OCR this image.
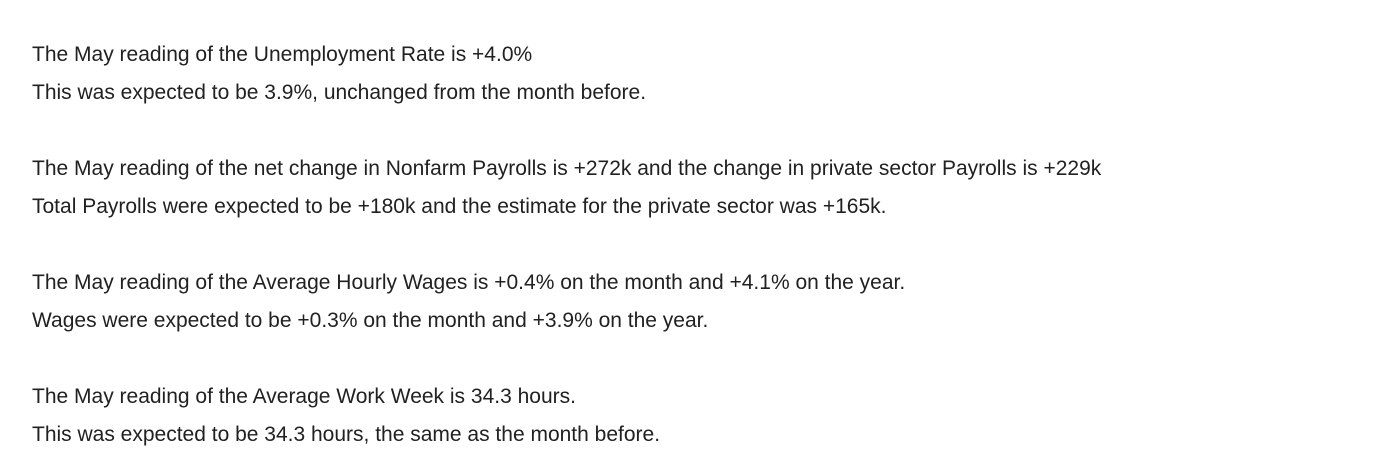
The May reading of the Unemployment Rate is +4.0%
This was expected to be 3.9%, unchanged from the month before.
The May reading of the net change in Nonfarm Payrolls is +272k and the change in private sector Payrolls is +229k
Total Payrolls were expected to be +180k and the estimate for the private sector was +165k.
The May reading of the Average Hourly Wages is +0.4% on the month and +4.1% on the year.
Wages were expected to be +0.3% on the month and +3.9% on the year.
The May reading of the Average Work Week is 34.3 hours.
This was expected to be 34.3 hours, the same as the month before.
